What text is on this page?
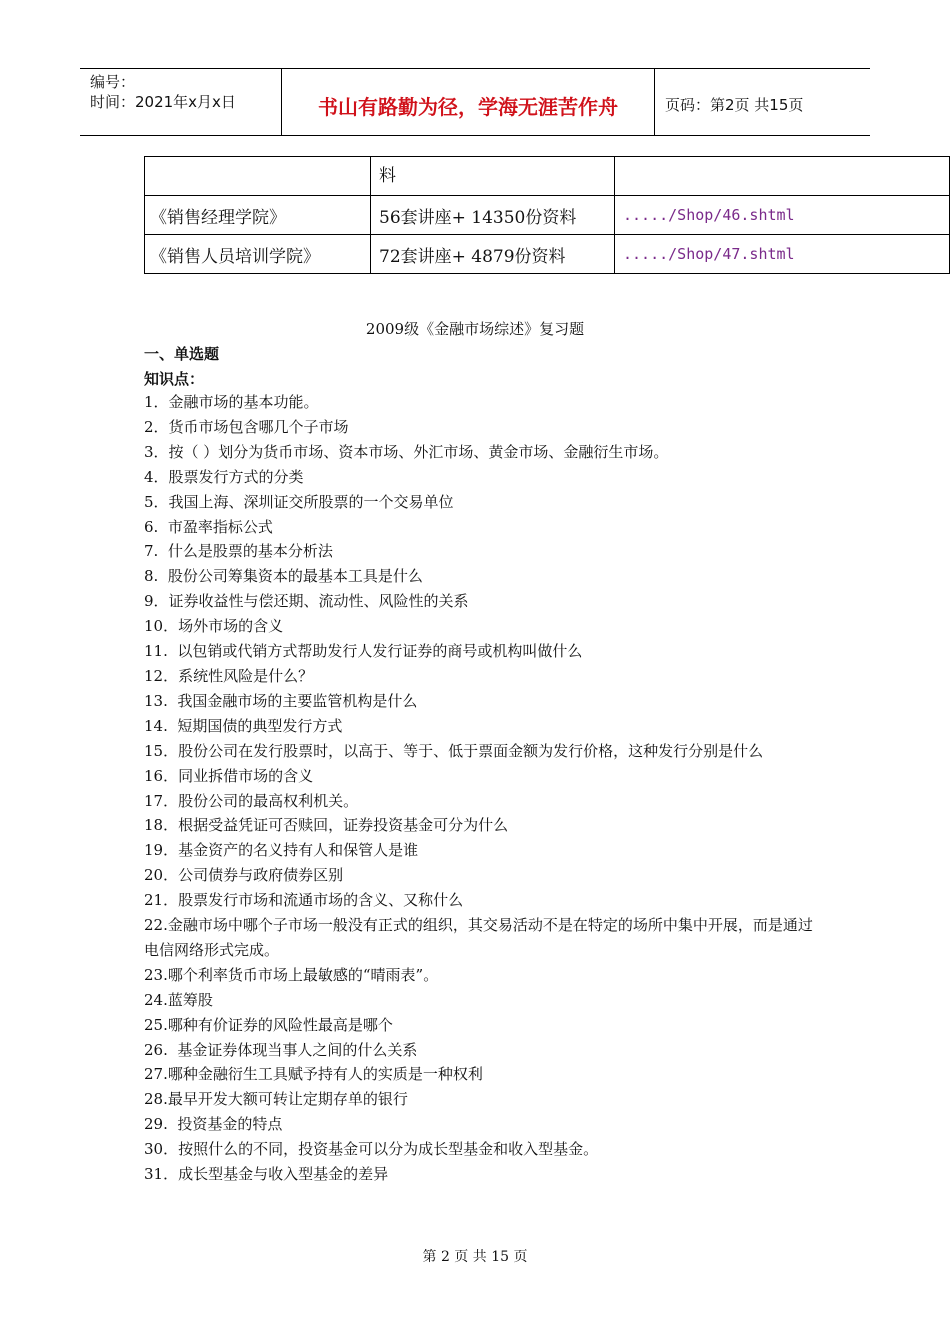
编号：
时间：2021年x月x日	书山有路勤为径，学海无涯苦作舟	页码：第2页 共15页
	料	
《销售经理学院》	56套讲座+ 14350份资料	...../Shop/46.shtml
《销售人员培训学院》	72套讲座+ 4879份资料	...../Shop/47.shtml
2009级《金融市场综述》复习题
一、单选题
知识点：
1．金融市场的基本功能。
2．货币市场包含哪几个子市场
3．按（ ）划分为货币市场、资本市场、外汇市场、黄金市场、金融衍生市场。
4．股票发行方式的分类
5．我国上海、深圳证交所股票的一个交易单位
6.  市盈率指标公式
7.  什么是股票的基本分析法
8.  股份公司筹集资本的最基本工具是什么
9．证券收益性与偿还期、流动性、风险性的关系
10．场外市场的含义
11.  以包销或代销方式帮助发行人发行证券的商号或机构叫做什么
12．系统性风险是什么？
13.  我国金融市场的主要监管机构是什么
14.  短期国债的典型发行方式
15．股份公司在发行股票时，以高于、等于、低于票面金额为发行价格，这种发行分别是什么
16．同业拆借市场的含义
17．股份公司的最高权利机关。
18．根据受益凭证可否赎回，证券投资基金可分为什么
19．基金资产的名义持有人和保管人是谁
20．公司债券与政府债券区别
21．股票发行市场和流通市场的含义、又称什么
22.金融市场中哪个子市场一般没有正式的组织，其交易活动不是在特定的场所中集中开展，而是通过电信网络形式完成。
23.哪个利率货币市场上最敏感的“晴雨表”。
24.蓝筹股
25.哪种有价证券的风险性最高是哪个
26.  基金证券体现当事人之间的什么关系
27.哪种金融衍生工具赋予持有人的实质是一种权利
28.最早开发大额可转让定期存单的银行
29.  投资基金的特点
30．按照什么的不同，投资基金可以分为成长型基金和收入型基金。
31．成长型基金与收入型基金的差异
第 2 页 共 15 页
